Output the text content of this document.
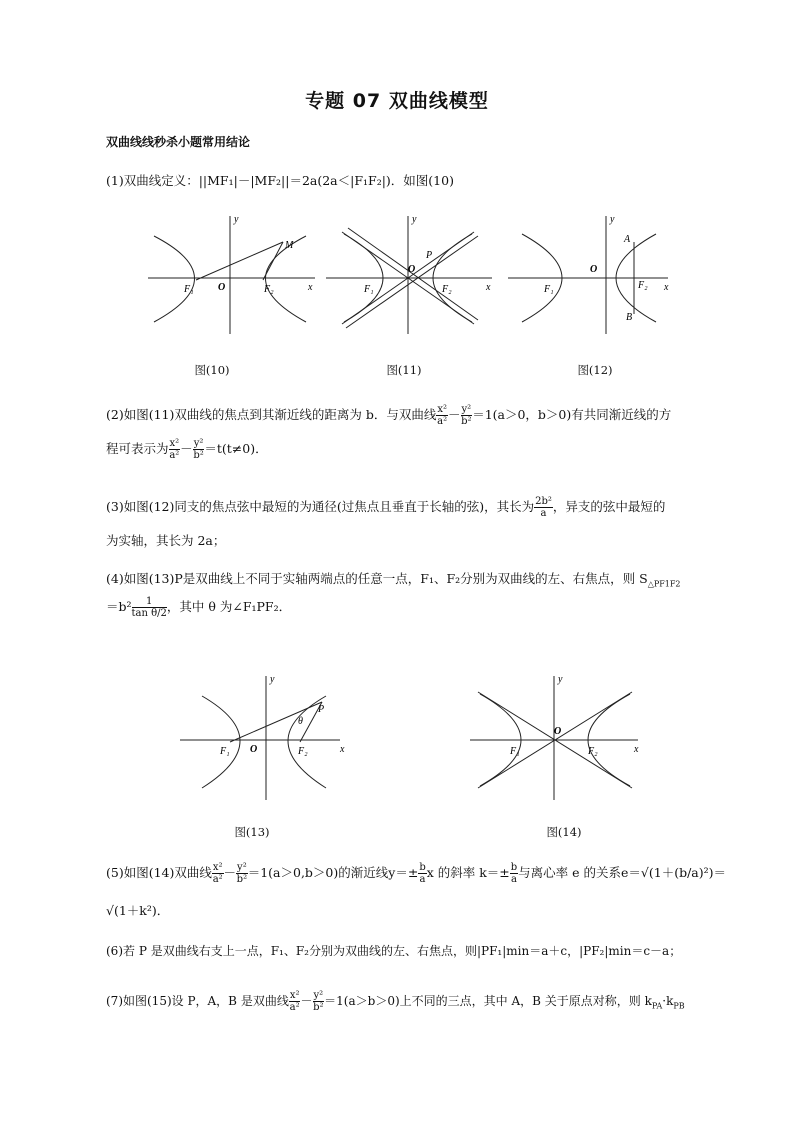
专题 07 双曲线模型
双曲线线秒杀小题常用结论
(1)双曲线定义：||MF₁|－|MF₂||＝2a(2a＜|F₁F₂|)．如图(10)
y
x
O
F₁	F₂
M
图(10)
y
x
O
F₁	F₂
P
图(11)
y
x
O
F₁	F₂
A
B
图(12)
(2)如图(11)双曲线的焦点到其渐近线的距离为 b．与双曲线 $\frac{\text{x²}}{\text{a²}} - \frac{\text{y²}}{\text{b²}} =1(a>0$，b＞0)有共同渐近线的方
程可表示为 $\frac{\text{x²}}{\text{a²}} - \frac{\text{y²}}{\text{b²}} =t(t\ne 0)$．
(3)如图(12)同支的焦点弦中最短的为通径(过焦点且垂直于长轴的弦)，其长为 $\frac{\text{2b²}}{a}$ ，异支的弦中最短的
为实轴，其长为 2a；
(4)如图(13)P是双曲线上不同于实轴两端点的任意一点，F₁、F₂分别为双曲线的左、右焦点，则 $S_{\triangle PF1F2}$
$=b^2 \frac{1}{\text{tan θ/2}}$ ，其中 θ 为∠F₁PF₂．
y
x
O
F₁	F₂
P
θ
图(13)
y
x
O
F₁	F₂
图(14)
(5)如图(14)双曲线 $\frac{\text{x²}}{\text{a²}} - \frac{\text{y²}}{\text{b²}} =1(a>0,b>0)$的渐近线$y=\pm \frac{b}{a}$ x 的斜率 $k=\pm \frac{b}{a}$ 与离心率 e 的关系e＝√(1＋(b/a)²)＝
√(1＋k²)．
(6)若 P 是双曲线右支上一点，F₁、F₂分别为双曲线的左、右焦点，则|PF₁|min＝a＋c，|PF₂|min＝c－a；
(7)如图(15)设 P，A，B 是双曲线 $\frac{\text{x²}}{\text{a²}} - \frac{\text{y²}}{\text{b²}} =1(a>b>0)$上不同的三点，其中 A，B 关于原点对称，则 $k_{PA}\cdot k_{PB}$
